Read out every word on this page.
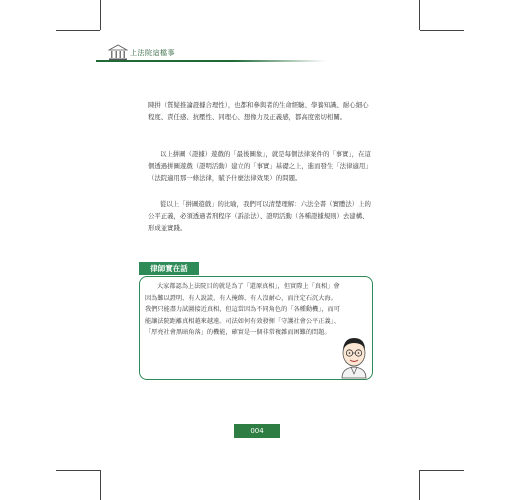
上法院這檔事
陳拼（質疑推論證據合理性），也都和參與者的生命經驗、學養知識、耐心細心程度、責任感、抗壓性、同理心、想像力及正義感，都高度密切相關。
以上拼圖（證據）遊戲的「最後圖象」，就是每個法律案件的「事實」，在這個透過拼圖遊戲（證明活動）建立的「事實」基礎之上，進而發生「法律適用」（法院適用那一條法律，賦予什麼法律效果）的問題。
從以上「拼圖遊戲」的比喻，我們可以清楚理解：六法全書（實體法）上的公平正義，必須透過者刑程序（訴訟法）、證明活動（各種證據規則）去建構、形成並實踐。
律師實在話
大家都認為上法院目的就是為了「還原真相」，但實際上「真相」會因為難以證明、有人說謊、有人掩飾、有人沒耐心，而注定石沉大海。我們只能盡力試圖接近真相，但這當因為不同角色的「各種動機」，而可能讓法院距離真相越來越遠。司法如何有效發揮「守護社會公平正義」、「厚亮社會黑暗角落」的機能，確實是一個非常複雜而困難的問題。
004
